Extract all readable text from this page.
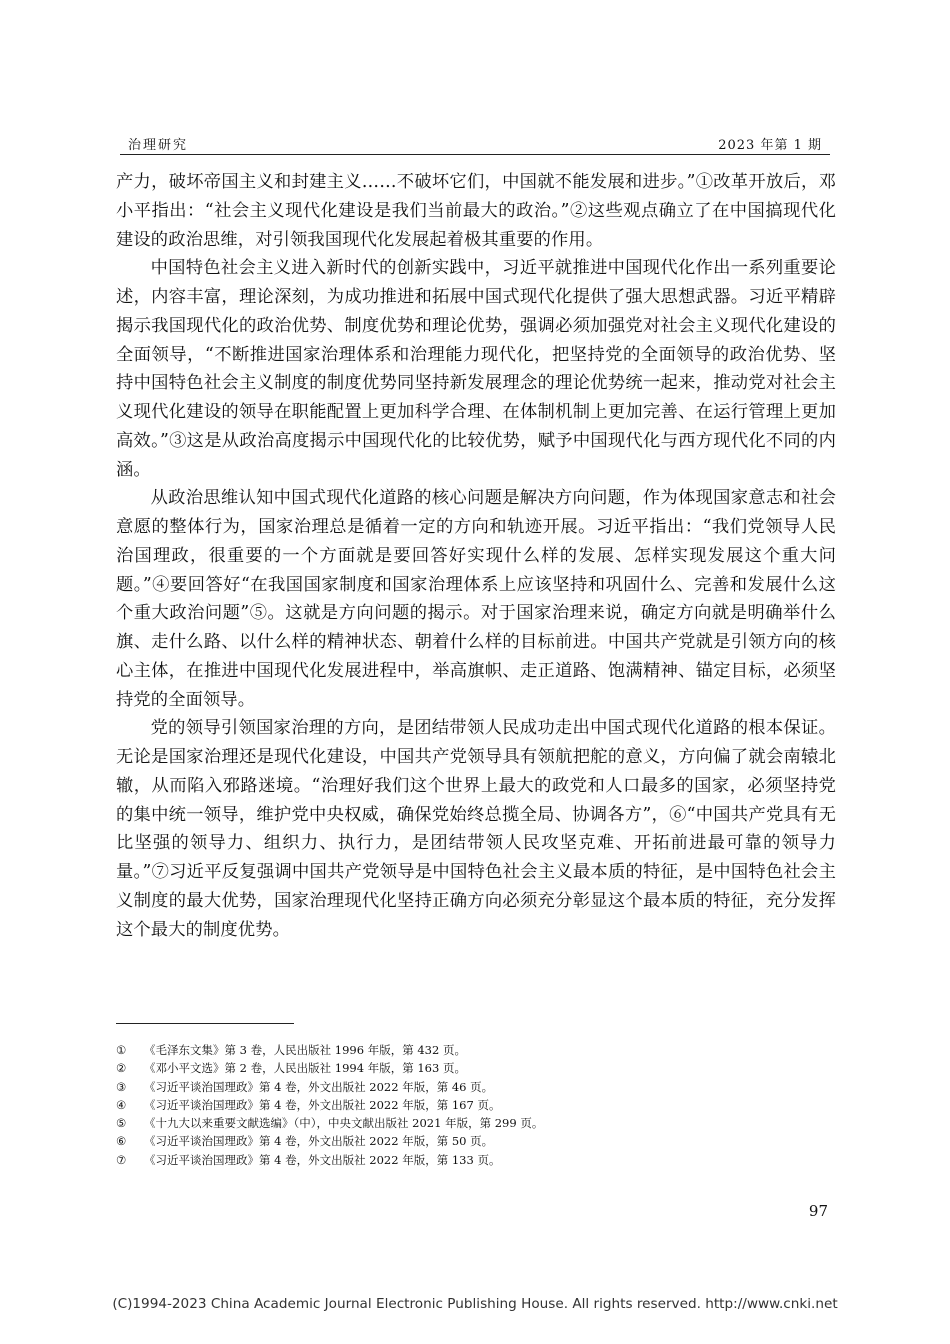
治理研究	2023 年第 1 期

产力，破坏帝国主义和封建主义……不破坏它们，中国就不能发展和进步。”①改革开放后，邓小平指出：“社会主义现代化建设是我们当前最大的政治。”②这些观点确立了在中国搞现代化建设的政治思维，对引领我国现代化发展起着极其重要的作用。

中国特色社会主义进入新时代的创新实践中，习近平就推进中国现代化作出一系列重要论述，内容丰富，理论深刻，为成功推进和拓展中国式现代化提供了强大思想武器。习近平精辟揭示我国现代化的政治优势、制度优势和理论优势，强调必须加强党对社会主义现代化建设的全面领导，“不断推进国家治理体系和治理能力现代化，把坚持党的全面领导的政治优势、坚持中国特色社会主义制度的制度优势同坚持新发展理念的理论优势统一起来，推动党对社会主义现代化建设的领导在职能配置上更加科学合理、在体制机制上更加完善、在运行管理上更加高效。”③这是从政治高度揭示中国现代化的比较优势，赋予中国现代化与西方现代化不同的内涵。

从政治思维认知中国式现代化道路的核心问题是解决方向问题，作为体现国家意志和社会意愿的整体行为，国家治理总是循着一定的方向和轨迹开展。习近平指出：“我们党领导人民治国理政，很重要的一个方面就是要回答好实现什么样的发展、怎样实现发展这个重大问题。”④要回答好“在我国国家制度和国家治理体系上应该坚持和巩固什么、完善和发展什么这个重大政治问题”⑤。这就是方向问题的揭示。对于国家治理来说，确定方向就是明确举什么旗、走什么路、以什么样的精神状态、朝着什么样的目标前进。中国共产党就是引领方向的核心主体，在推进中国现代化发展进程中，举高旗帜、走正道路、饱满精神、锚定目标，必须坚持党的全面领导。

党的领导引领国家治理的方向，是团结带领人民成功走出中国式现代化道路的根本保证。无论是国家治理还是现代化建设，中国共产党领导具有领航把舵的意义，方向偏了就会南辕北辙，从而陷入邪路迷境。“治理好我们这个世界上最大的政党和人口最多的国家，必须坚持党的集中统一领导，维护党中央权威，确保党始终总揽全局、协调各方”，⑥“中国共产党具有无比坚强的领导力、组织力、执行力，是团结带领人民攻坚克难、开拓前进最可靠的领导力量。”⑦习近平反复强调中国共产党领导是中国特色社会主义最本质的特征，是中国特色社会主义制度的最大优势，国家治理现代化坚持正确方向必须充分彰显这个最本质的特征，充分发挥这个最大的制度优势。

①	《毛泽东文集》第 3 卷，人民出版社 1996 年版，第 432 页。
②	《邓小平文选》第 2 卷，人民出版社 1994 年版，第 163 页。
③	《习近平谈治国理政》第 4 卷，外文出版社 2022 年版，第 46 页。
④	《习近平谈治国理政》第 4 卷，外文出版社 2022 年版，第 167 页。
⑤	《十九大以来重要文献选编》（中），中央文献出版社 2021 年版，第 299 页。
⑥	《习近平谈治国理政》第 4 卷，外文出版社 2022 年版，第 50 页。
⑦	《习近平谈治国理政》第 4 卷，外文出版社 2022 年版，第 133 页。
97
(C)1994-2023 China Academic Journal Electronic Publishing House. All rights reserved. http://www.cnki.net
